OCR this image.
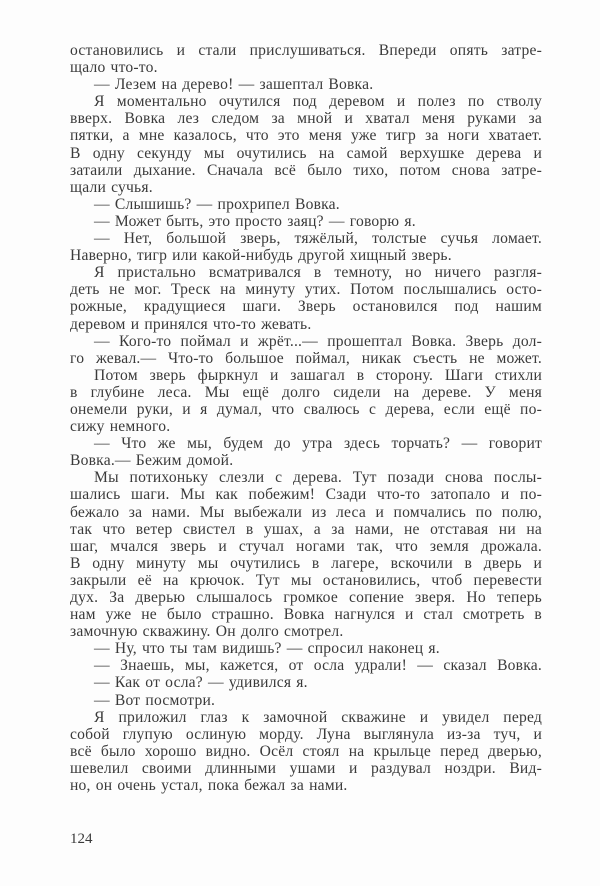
остановились и стали прислушиваться. Впереди опять затре-
щало что-то.
— Лезем на дерево! — зашептал Вовка.
Я моментально очутился под деревом и полез по стволу
вверх. Вовка лез следом за мной и хватал меня руками за
пятки, а мне казалось, что это меня уже тигр за ноги хватает.
В одну секунду мы очутились на самой верхушке дерева и
затаили дыхание. Сначала всё было тихо, потом снова затре-
щали сучья.
— Слышишь? — прохрипел Вовка.
— Может быть, это просто заяц? — говорю я.
— Нет, большой зверь, тяжёлый, толстые сучья ломает.
Наверно, тигр или какой-нибудь другой хищный зверь.
Я пристально всматривался в темноту, но ничего разгля-
деть не мог. Треск на минуту утих. Потом послышались осто-
рожные, крадущиеся шаги. Зверь остановился под нашим
деревом и принялся что-то жевать.
— Кого-то поймал и жрёт...— прошептал Вовка. Зверь дол-
го жевал.— Что-то большое поймал, никак съесть не может.
Потом зверь фыркнул и зашагал в сторону. Шаги стихли
в глубине леса. Мы ещё долго сидели на дереве. У меня
онемели руки, и я думал, что свалюсь с дерева, если ещё по-
сижу немного.
— Что же мы, будем до утра здесь торчать? — говорит
Вовка.— Бежим домой.
Мы потихоньку слезли с дерева. Тут позади снова послы-
шались шаги. Мы как побежим! Сзади что-то затопало и по-
бежало за нами. Мы выбежали из леса и помчались по полю,
так что ветер свистел в ушах, а за нами, не отставая ни на
шаг, мчался зверь и стучал ногами так, что земля дрожала.
В одну минуту мы очутились в лагере, вскочили в дверь и
закрыли её на крючок. Тут мы остановились, чтоб перевести
дух. За дверью слышалось громкое сопение зверя. Но теперь
нам уже не было страшно. Вовка нагнулся и стал смотреть в
замочную скважину. Он долго смотрел.
— Ну, что ты там видишь? — спросил наконец я.
— Знаешь, мы, кажется, от осла удрали! — сказал Вовка.
— Как от осла? — удивился я.
— Вот посмотри.
Я приложил глаз к замочной скважине и увидел перед
собой глупую ослиную морду. Луна выглянула из-за туч, и
всё было хорошо видно. Осёл стоял на крыльце перед дверью,
шевелил своими длинными ушами и раздувал ноздри. Вид-
но, он очень устал, пока бежал за нами.
124
